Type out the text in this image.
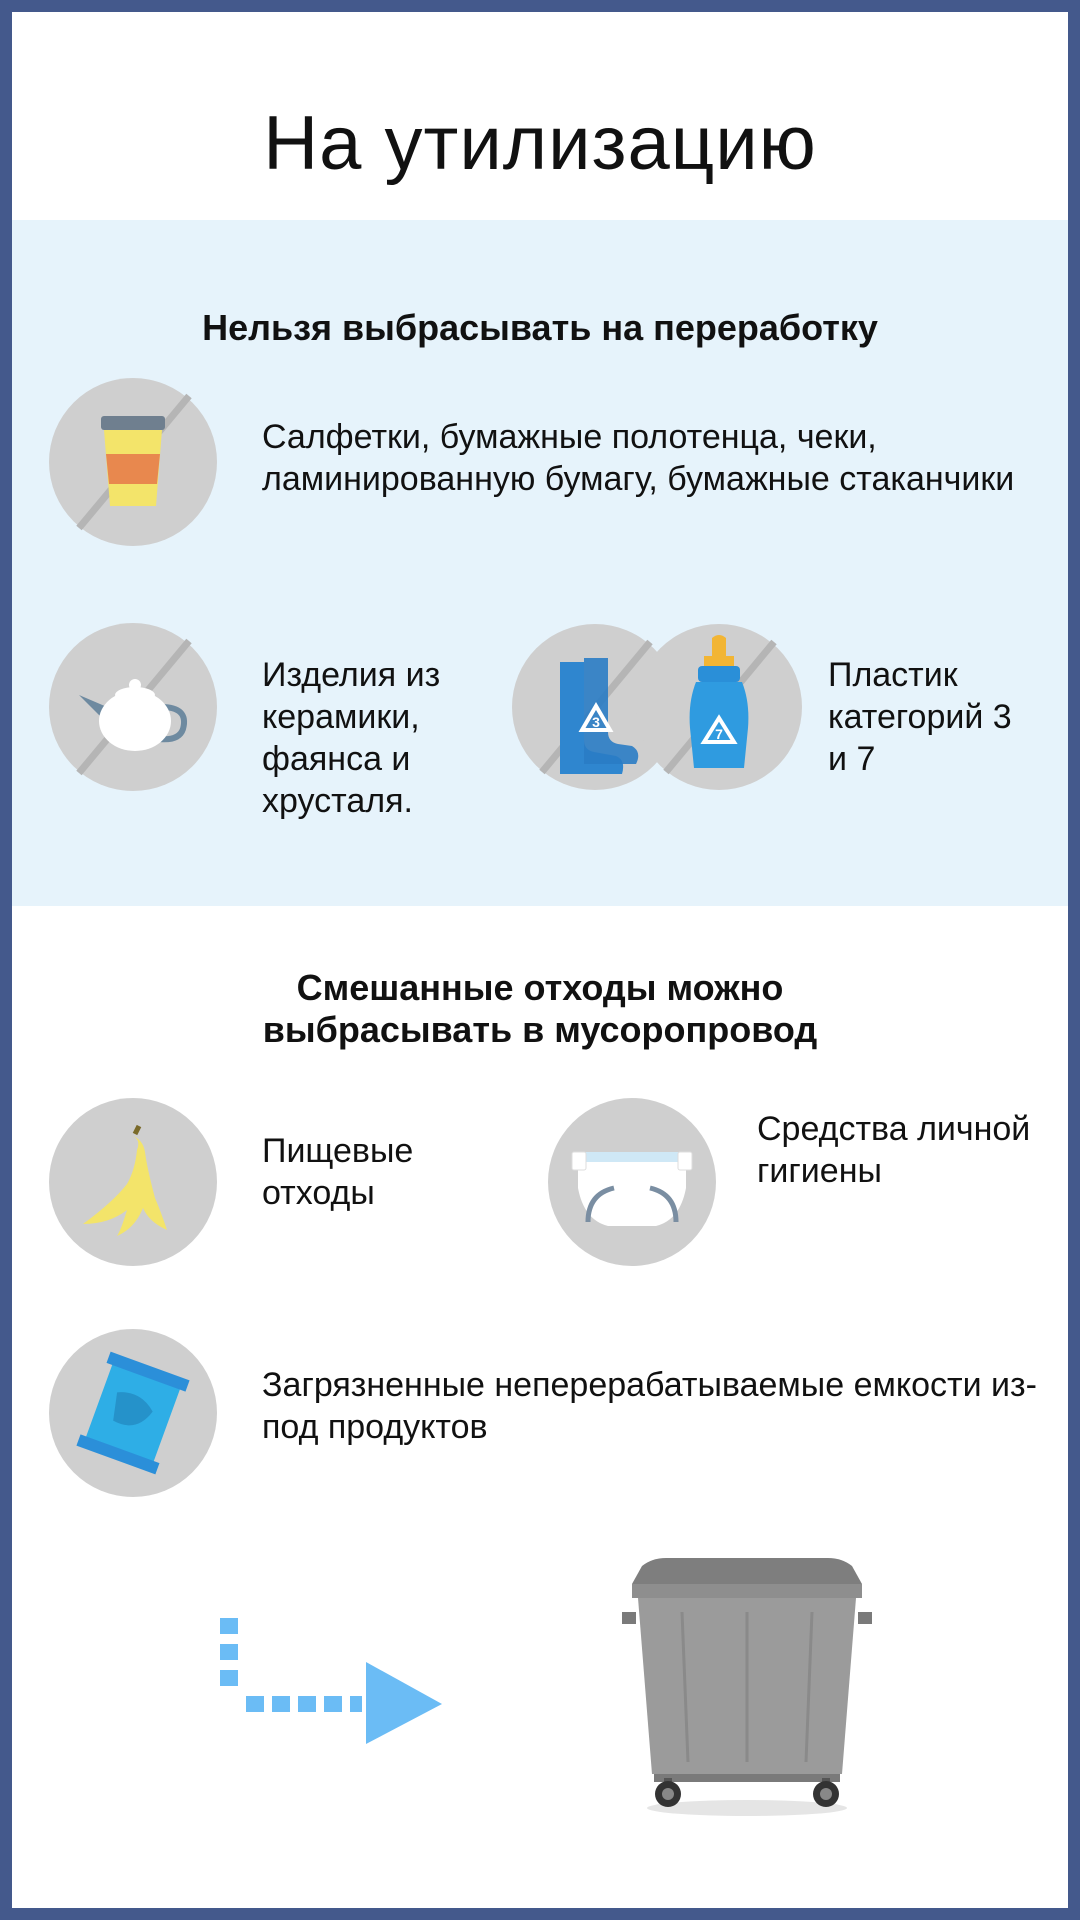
На утилизацию
Нельзя выбрасывать на переработку
Салфетки, бумажные полотенца, чеки, ламинированную бумагу, бумажные стаканчики
Изделия из керамики, фаянса и хрусталя.
3
7
Пластик категорий 3 и 7
Смешанные отходы можно выбрасывать в мусоропровод
Пищевые отходы
Средства личной гигиены
Загрязненные неперерабатываемые емкости из-под продуктов
